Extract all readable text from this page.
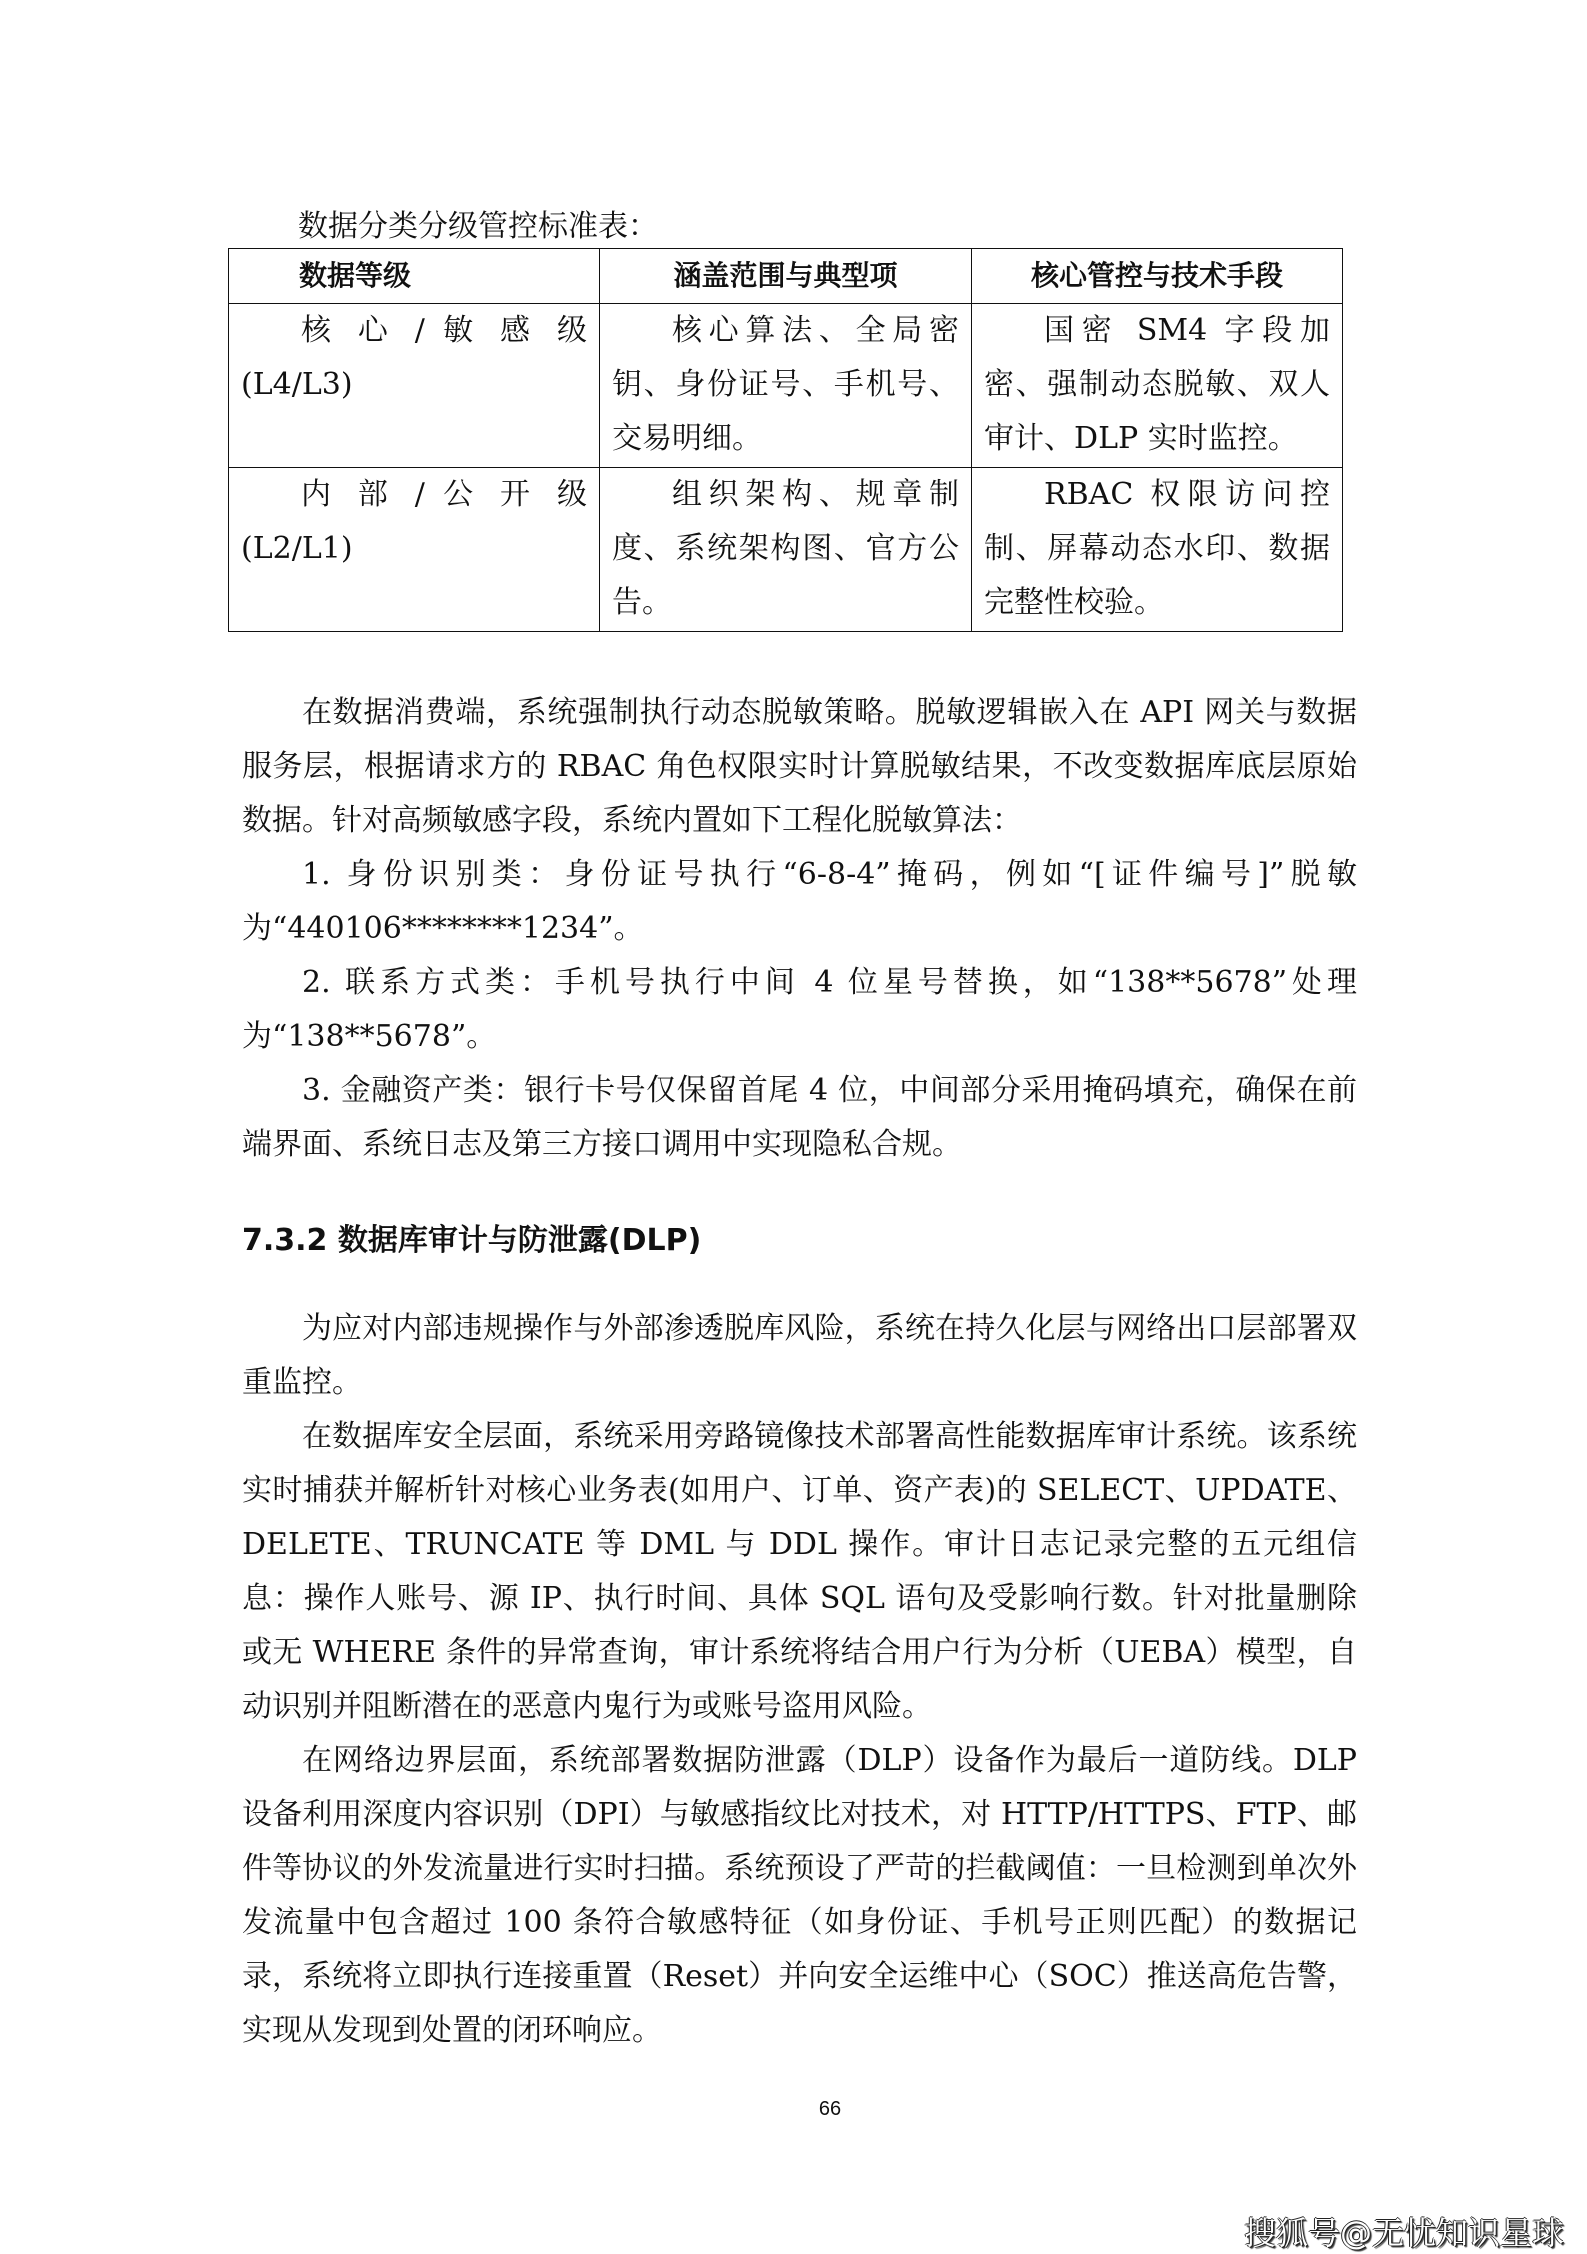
数据分类分级管控标准表：
数据等级	涵盖范围与典型项	核心管控与技术手段

核 心 / 敏 感 级 (L4/L3)	核心算法、全局密钥、身份证号、手机号、交易明细。	国密 SM4 字段加密、强制动态脱敏、双人审计、DLP 实时监控。

内 部 / 公 开 级 (L2/L1)	组织架构、规章制度、系统架构图、官方公告。	RBAC 权限访问控制、屏幕动态水印、数据完整性校验。

在数据消费端，系统强制执行动态脱敏策略。脱敏逻辑嵌入在 API 网关与数据服务层，根据请求方的 RBAC 角色权限实时计算脱敏结果，不改变数据库底层原始数据。针对高频敏感字段，系统内置如下工程化脱敏算法：

1. 身份识别类：身份证号执行“6-8-4”掩码，例如“[证件编号]”脱敏为“440106********1234”。

2. 联系方式类：手机号执行中间 4 位星号替换，如“138**5678”处理为“138**5678”。

3. 金融资产类：银行卡号仅保留首尾 4 位，中间部分采用掩码填充，确保在前端界面、系统日志及第三方接口调用中实现隐私合规。

7.3.2 数据库审计与防泄露(DLP)

为应对内部违规操作与外部渗透脱库风险，系统在持久化层与网络出口层部署双重监控。

在数据库安全层面，系统采用旁路镜像技术部署高性能数据库审计系统。该系统实时捕获并解析针对核心业务表(如用户、订单、资产表)的 SELECT、UPDATE、DELETE、TRUNCATE 等 DML 与 DDL 操作。审计日志记录完整的五元组信息：操作人账号、源 IP、执行时间、具体 SQL 语句及受影响行数。针对批量删除或无 WHERE 条件的异常查询，审计系统将结合用户行为分析（UEBA）模型，自动识别并阻断潜在的恶意内鬼行为或账号盗用风险。

在网络边界层面，系统部署数据防泄露（DLP）设备作为最后一道防线。DLP 设备利用深度内容识别（DPI）与敏感指纹比对技术，对 HTTP/HTTPS、FTP、邮件等协议的外发流量进行实时扫描。系统预设了严苛的拦截阈值：一旦检测到单次外发流量中包含超过 100 条符合敏感特征（如身份证、手机号正则匹配）的数据记录，系统将立即执行连接重置（Reset）并向安全运维中心（SOC）推送高危告警，实现从发现到处置的闭环响应。

66
搜狐号@无忧知识星球
